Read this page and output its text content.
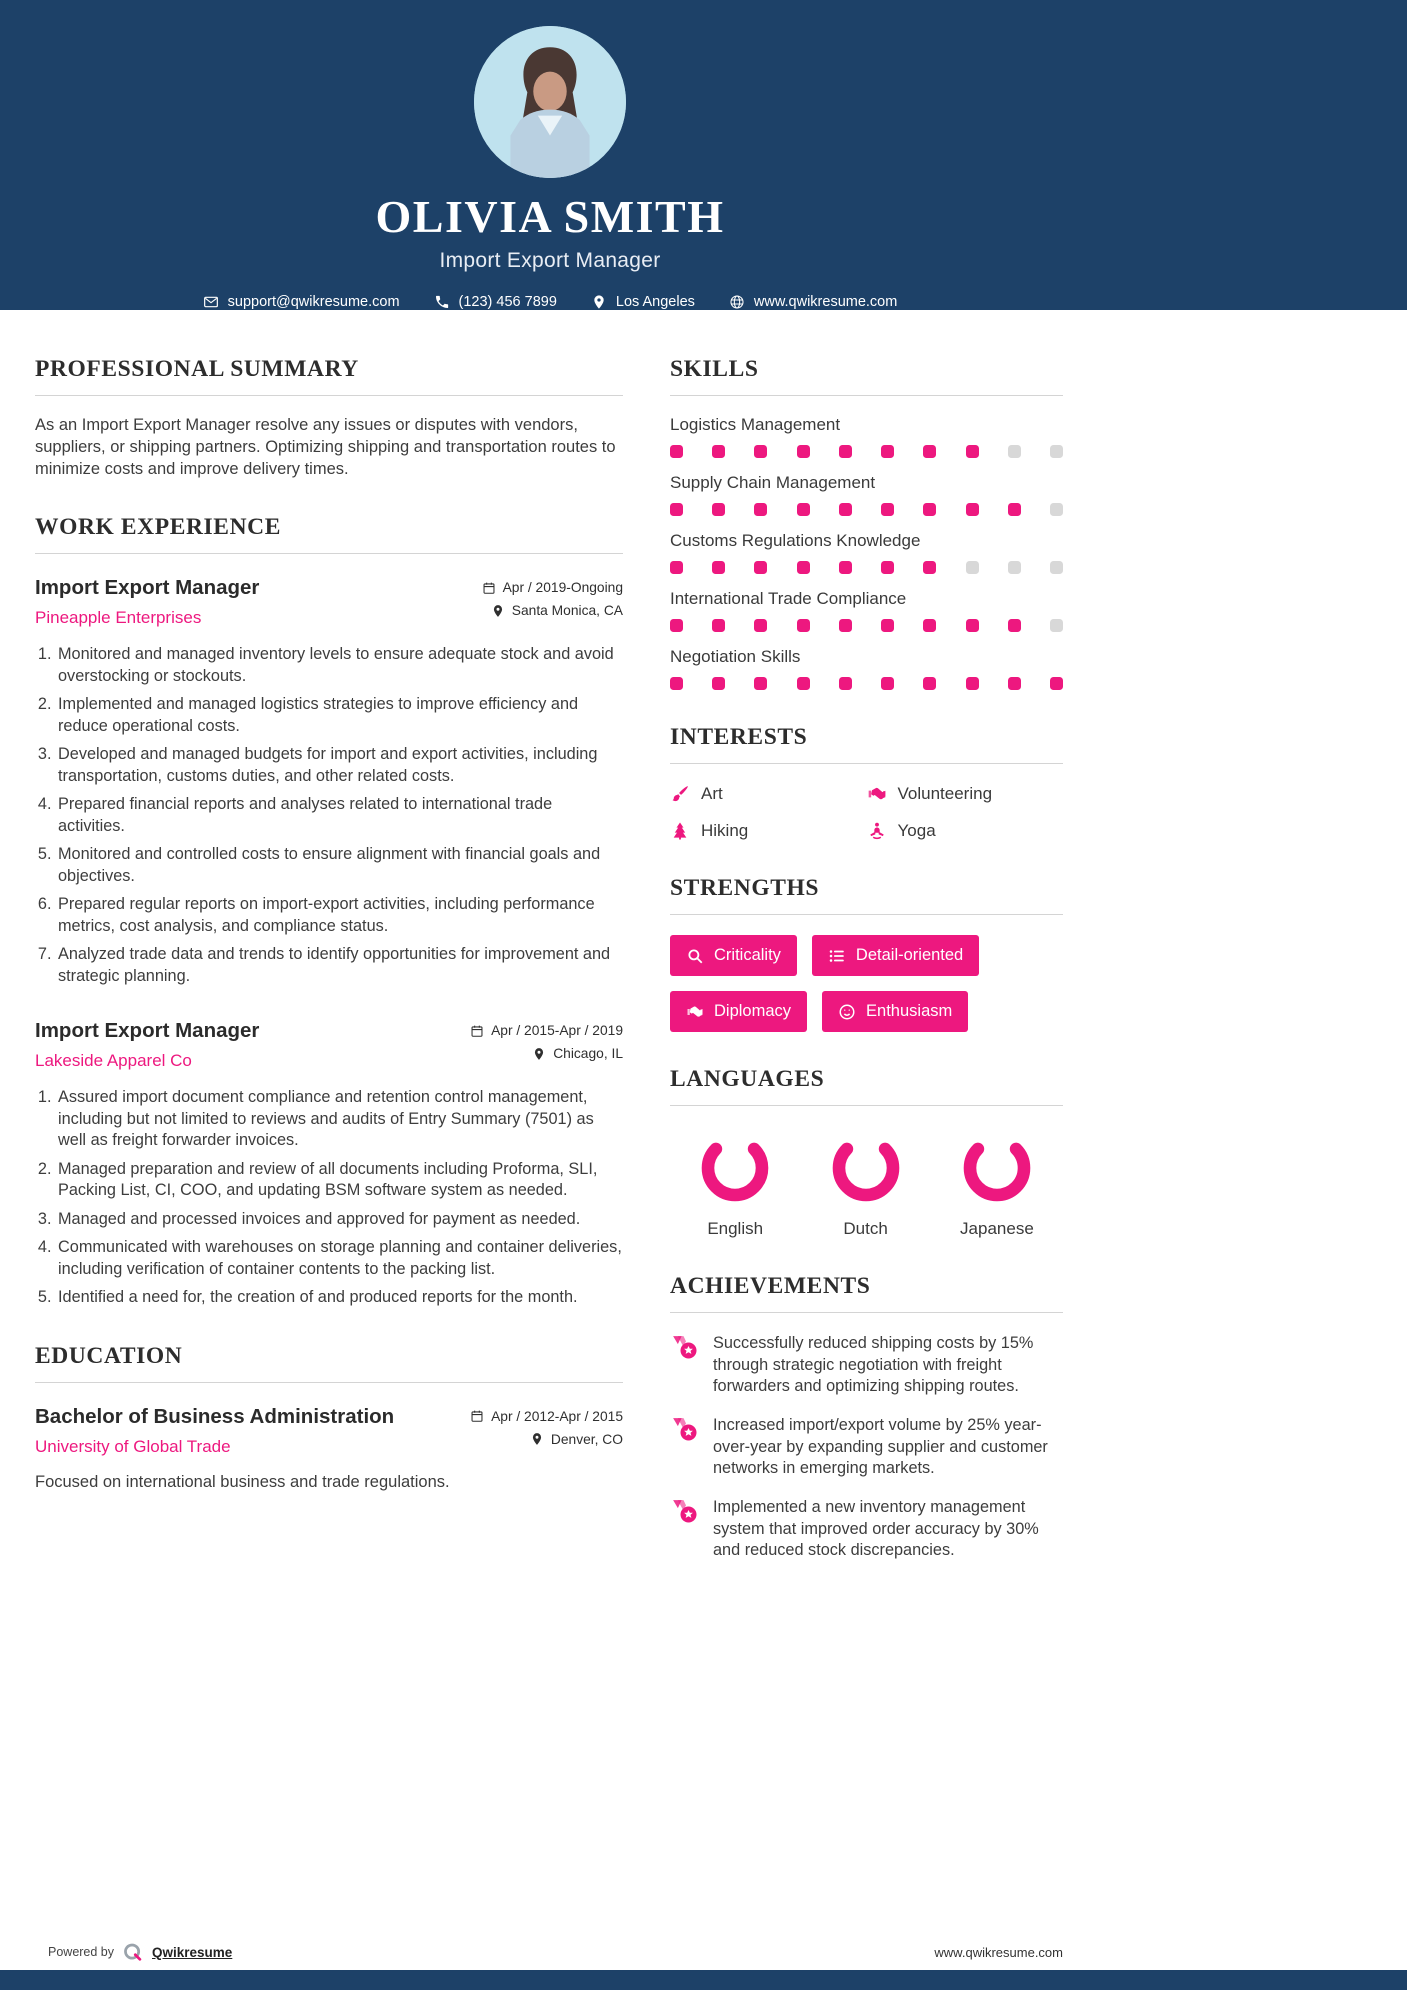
OLIVIA SMITH
Import Export Manager
support@qwikresume.com	(123) 456 7899	Los Angeles	www.qwikresume.com
PROFESSIONAL SUMMARY

As an Import Export Manager resolve any issues or disputes with vendors, suppliers, or shipping partners. Optimizing shipping and transportation routes to minimize costs and improve delivery times.

WORK EXPERIENCE
Import Export Manager
Pineapple Enterprises
Apr / 2019-Ongoing
Santa Monica, CA
1. Monitored and managed inventory levels to ensure adequate stock and avoid overstocking or stockouts.
2. Implemented and managed logistics strategies to improve efficiency and reduce operational costs.
3. Developed and managed budgets for import and export activities, including transportation, customs duties, and other related costs.
4. Prepared financial reports and analyses related to international trade activities.
5. Monitored and controlled costs to ensure alignment with financial goals and objectives.
6. Prepared regular reports on import-export activities, including performance metrics, cost analysis, and compliance status.
7. Analyzed trade data and trends to identify opportunities for improvement and strategic planning.
Import Export Manager
Lakeside Apparel Co
Apr / 2015-Apr / 2019
Chicago, IL
1. Assured import document compliance and retention control management, including but not limited to reviews and audits of Entry Summary (7501) as well as freight forwarder invoices.
2. Managed preparation and review of all documents including Proforma, SLI, Packing List, CI, COO, and updating BSM software system as needed.
3. Managed and processed invoices and approved for payment as needed.
4. Communicated with warehouses on storage planning and container deliveries, including verification of container contents to the packing list.
5. Identified a need for, the creation of and produced reports for the month.
EDUCATION
Bachelor of Business Administration
University of Global Trade
Apr / 2012-Apr / 2015
Denver, CO

Focused on international business and trade regulations.

SKILLS
Logistics Management
Supply Chain Management
Customs Regulations Knowledge
International Trade Compliance
Negotiation Skills
INTERESTS
Art	Volunteering
Hiking	Yoga
STRENGTHS
Criticality	Detail-oriented
Diplomacy	Enthusiasm
LANGUAGES
English	Dutch	Japanese
ACHIEVEMENTS
Successfully reduced shipping costs by 15% through strategic negotiation with freight forwarders and optimizing shipping routes.
Increased import/export volume by 25% year-over-year by expanding supplier and customer networks in emerging markets.
Implemented a new inventory management system that improved order accuracy by 30% and reduced stock discrepancies.
Powered by	Qwikresume	www.qwikresume.com
